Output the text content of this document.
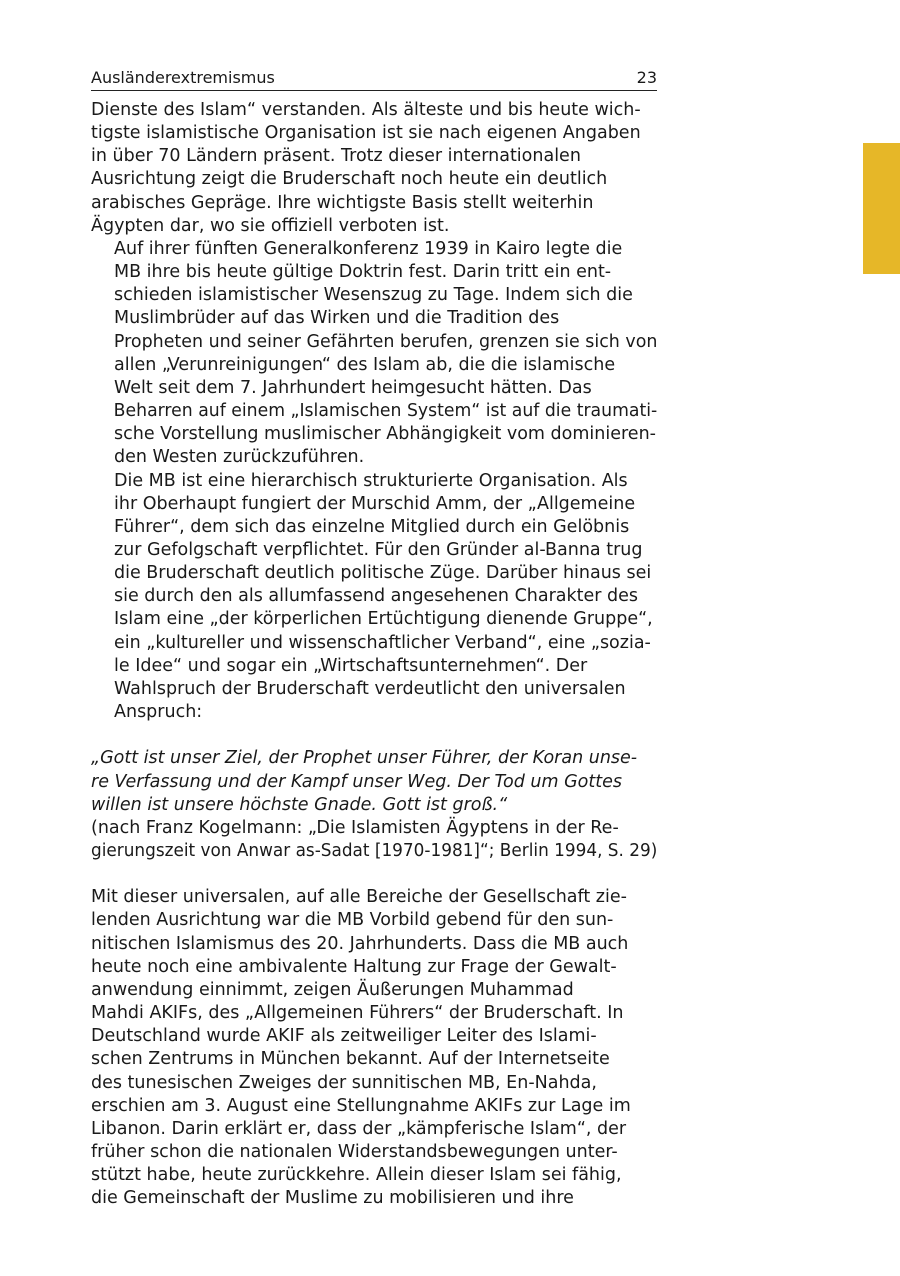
Ausländerextremismus	23

Dienste des Islam“ verstanden. Als älteste und bis heute wich-
tigste islamistische Organisation ist sie nach eigenen Angaben
in über 70 Ländern präsent. Trotz dieser internationalen
Ausrichtung zeigt die Bruderschaft noch heute ein deutlich
arabisches Gepräge. Ihre wichtigste Basis stellt weiterhin
Ägypten dar, wo sie offiziell verboten ist.

Auf ihrer fünften Generalkonferenz 1939 in Kairo legte die
MB ihre bis heute gültige Doktrin fest. Darin tritt ein ent-
schieden islamistischer Wesenszug zu Tage. Indem sich die
Muslimbrüder auf das Wirken und die Tradition des
Propheten und seiner Gefährten berufen, grenzen sie sich von
allen „Verunreinigungen“ des Islam ab, die die islamische
Welt seit dem 7. Jahrhundert heimgesucht hätten. Das
Beharren auf einem „Islamischen System“ ist auf die traumati-
sche Vorstellung muslimischer Abhängigkeit vom dominieren-
den Westen zurückzuführen.

Die MB ist eine hierarchisch strukturierte Organisation. Als
ihr Oberhaupt fungiert der Murschid Amm, der „Allgemeine
Führer“, dem sich das einzelne Mitglied durch ein Gelöbnis
zur Gefolgschaft verpflichtet. Für den Gründer al-Banna trug
die Bruderschaft deutlich politische Züge. Darüber hinaus sei
sie durch den als allumfassend angesehenen Charakter des
Islam eine „der körperlichen Ertüchtigung dienende Gruppe“,
ein „kultureller und wissenschaftlicher Verband“, eine „sozia-
le Idee“ und sogar ein „Wirtschaftsunternehmen“. Der
Wahlspruch der Bruderschaft verdeutlicht den universalen
Anspruch:

„Gott ist unser Ziel, der Prophet unser Führer, der Koran unse-
re Verfassung und der Kampf unser Weg. Der Tod um Gottes
willen ist unsere höchste Gnade. Gott ist groß.“

(nach Franz Kogelmann: „Die Islamisten Ägyptens in der Re-
gierungszeit von Anwar as-Sadat [1970-1981]“; Berlin 1994, S. 29)

Mit dieser universalen, auf alle Bereiche der Gesellschaft zie-
lenden Ausrichtung war die MB Vorbild gebend für den sun-
nitischen Islamismus des 20. Jahrhunderts. Dass die MB auch
heute noch eine ambivalente Haltung zur Frage der Gewalt-
anwendung einnimmt, zeigen Äußerungen Muhammad
Mahdi AKIFs, des „Allgemeinen Führers“ der Bruderschaft. In
Deutschland wurde AKIF als zeitweiliger Leiter des Islami-
schen Zentrums in München bekannt. Auf der Internetseite
des tunesischen Zweiges der sunnitischen MB, En-Nahda,
erschien am 3. August eine Stellungnahme AKIFs zur Lage im
Libanon. Darin erklärt er, dass der „kämpferische Islam“, der
früher schon die nationalen Widerstandsbewegungen unter-
stützt habe, heute zurückkehre. Allein dieser Islam sei fähig,
die Gemeinschaft der Muslime zu mobilisieren und ihre
